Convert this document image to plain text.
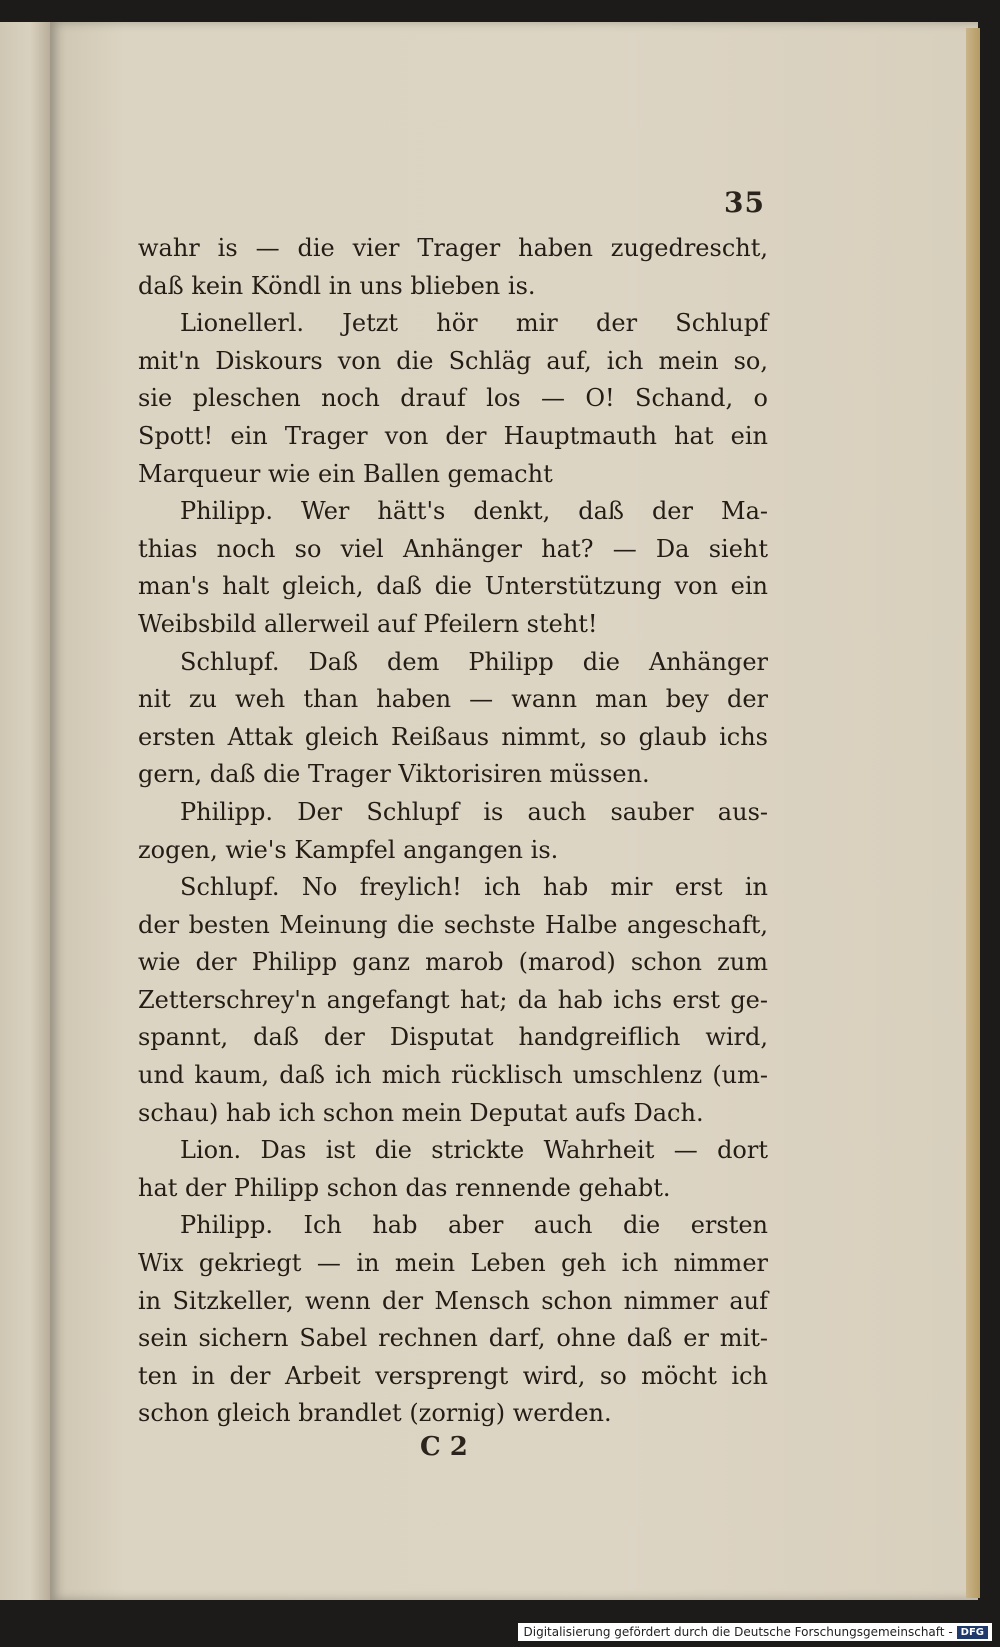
35

wahr is — die vier Trager haben zugedrescht,
daß kein Köndl in uns blieben is.
Lionellerl. Jetzt hör mir der Schlupf
mit'n Diskours von die Schläg auf, ich mein so,
sie pleschen noch drauf los — O! Schand, o
Spott! ein Trager von der Hauptmauth hat ein
Marqueur wie ein Ballen gemacht
Philipp. Wer hätt's denkt, daß der Ma-
thias noch so viel Anhänger hat? — Da sieht
man's halt gleich, daß die Unterstützung von ein
Weibsbild allerweil auf Pfeilern steht!
Schlupf. Daß dem Philipp die Anhänger
nit zu weh than haben — wann man bey der
ersten Attak gleich Reißaus nimmt, so glaub ichs
gern, daß die Trager Viktorisiren müssen.
Philipp. Der Schlupf is auch sauber aus-
zogen, wie's Kampfel angangen is.
Schlupf. No freylich! ich hab mir erst in
der besten Meinung die sechste Halbe angeschaft,
wie der Philipp ganz marob (marod) schon zum
Zetterschrey'n angefangt hat; da hab ichs erst ge-
spannt, daß der Disputat handgreiflich wird,
und kaum, daß ich mich rücklisch umschlenz (um-
schau) hab ich schon mein Deputat aufs Dach.
Lion. Das ist die strickte Wahrheit — dort
hat der Philipp schon das rennende gehabt.
Philipp. Ich hab aber auch die ersten
Wix gekriegt — in mein Leben geh ich nimmer
in Sitzkeller, wenn der Mensch schon nimmer auf
sein sichern Sabel rechnen darf, ohne daß er mit-
ten in der Arbeit versprengt wird, so möcht ich
schon gleich brandlet (zornig) werden.

C 2

Digitalisierung gefördert durch die Deutsche Forschungsgemeinschaft - DFG
